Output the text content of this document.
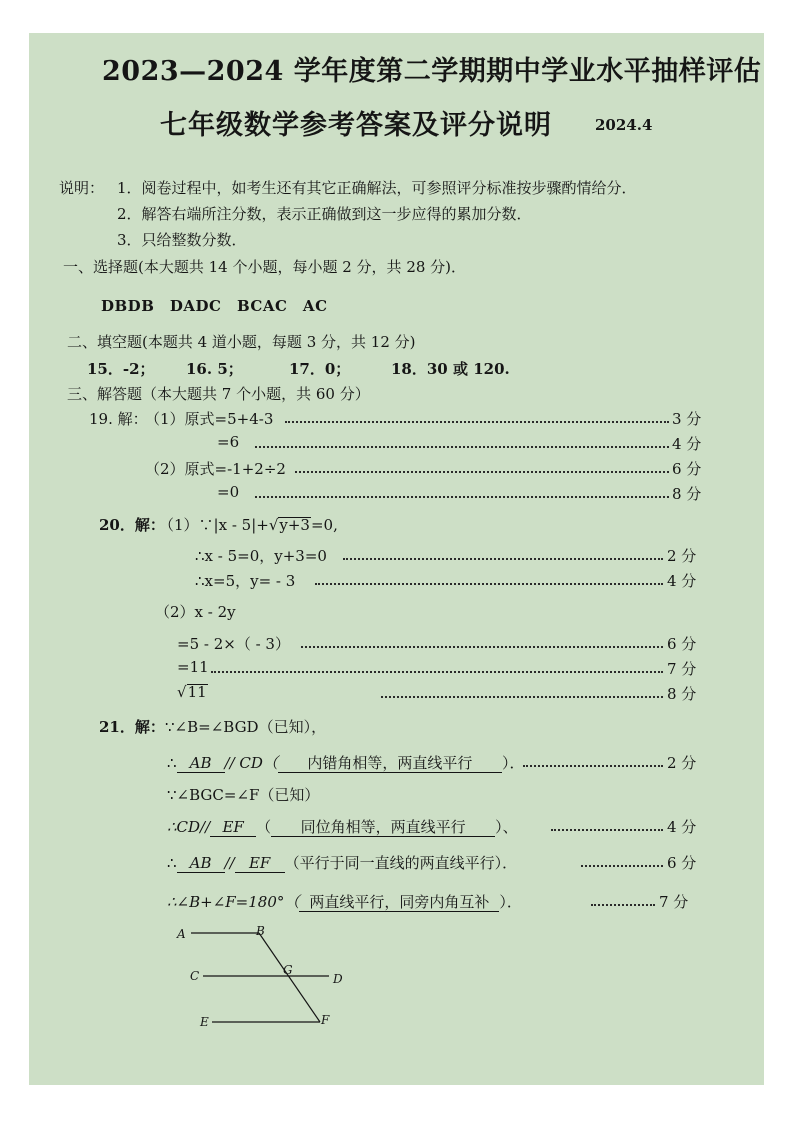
2023—2024 学年度第二学期期中学业水平抽样评估
七年级数学参考答案及评分说明	2024.4
说明： 1．阅卷过程中，如考生还有其它正确解法，可参照评分标准按步骤酌情给分．
2．解答右端所注分数，表示正确做到这一步应得的累加分数．
3．只给整数分数．
一、选择题(本大题共 14 个小题，每小题 2 分，共 28 分)．
DBDB　DADC　BCAC　AC
二、填空题(本题共 4 道小题，每题 3 分，共 12 分)
15．-2； 16. 5；	17．0；	18．30 或 120.
三、解答题（本大题共 7 个小题，共 60 分）
19. 解：
（1）原式=5+4-3	3 分
=6	4 分
（2）原式=-1+2÷2	6 分
=0	8 分
20．解：
（1）∵|x - 5|+√y+3=0,
∴x - 5=0，y+3=0	2 分
∴x=5，y= - 3	4 分
（2）x - 2y
=5 - 2×（ - 3）	6 分
=11	7 分
√11	8 分
21．解： ∵∠B=∠BGD（已知），
∴ AB // CD（ 内错角相等，两直线平行 ）．	2 分
∵∠BGC=∠F（已知）
∴CD// EF （ 同位角相等，两直线平行 ）、	4 分
∴ AB // EF （平行于同一直线的两直线平行）．	6 分
∴∠B+∠F=180°（ 两直线平行，同旁内角互补 ）．	7 分
A	B
C	G
D
E	F
